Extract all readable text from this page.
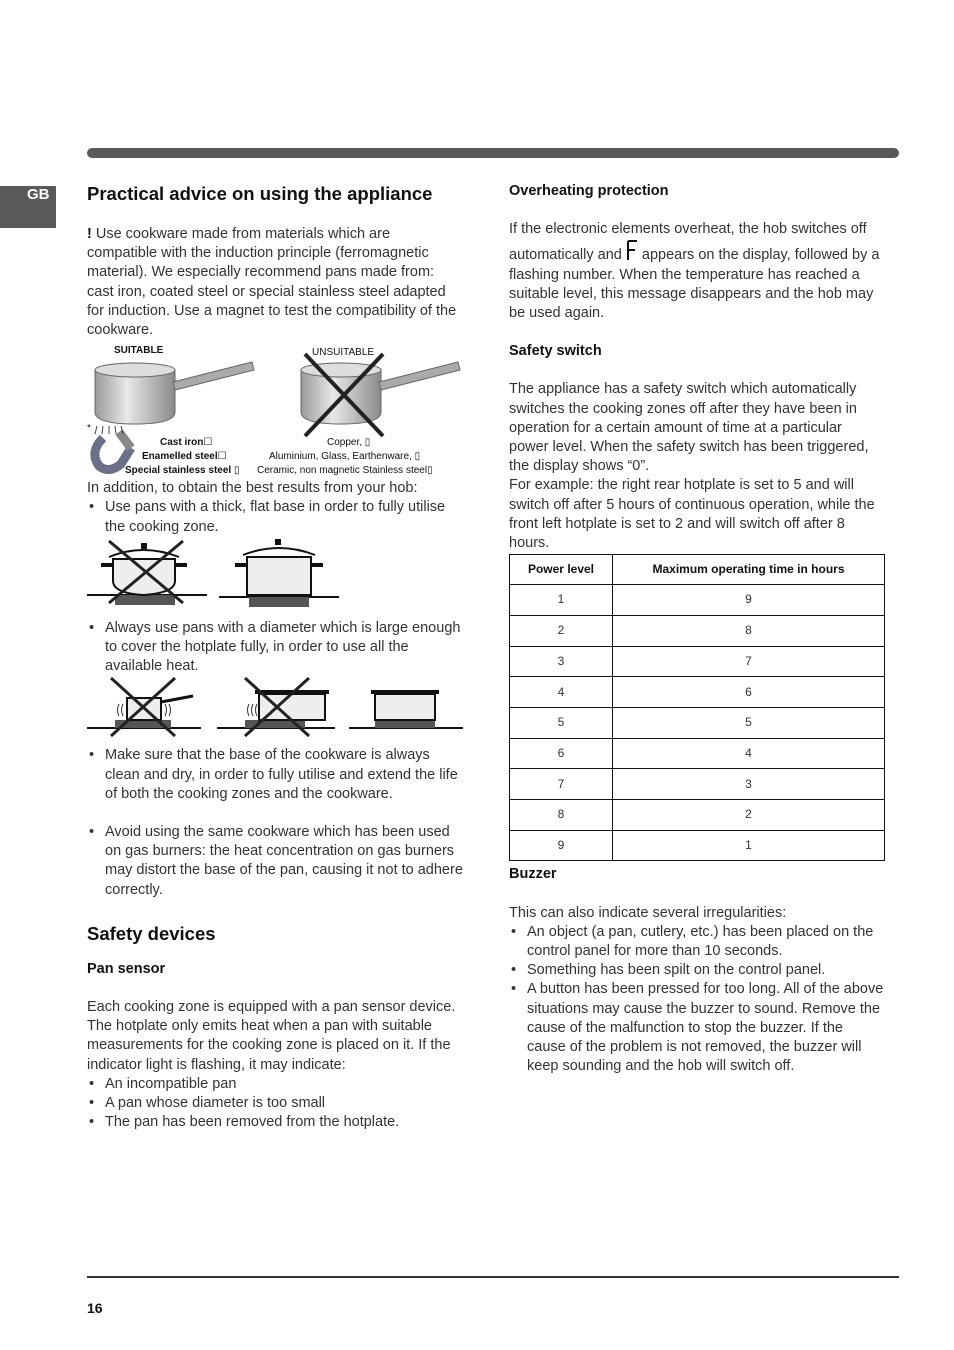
GB Practical advice on using the appliance

! Use cookware made from materials which are compatible with the induction principle (ferromagnetic material). We especially recommend pans made from: cast iron, coated steel or special stainless steel adapted for induction. Use a magnet to test the compatibility of the cookware.

SUITABLE	UNSUITABLE
*
Cast iron☐
Enamelled steel☐
Special stainless steel ▯
Copper, ▯
Aluminium, Glass, Earthenware, ▯
Ceramic, non magnetic Stainless steel▯

In addition, to obtain the best results from your hob:

• Use pans with a thick, flat base in order to fully utilise the cooking zone.
• Always use pans with a diameter which is large enough to cover the hotplate fully, in order to use all the available heat.
• Make sure that the base of the cookware is always clean and dry, in order to fully utilise and extend the life of both the cooking zones and the cookware.
• Avoid using the same cookware which has been used on gas burners: the heat concentration on gas burners may distort the base of the pan, causing it not to adhere correctly.
Safety devices
Pan sensor

Each cooking zone is equipped with a pan sensor device. The hotplate only emits heat when a pan with suitable measurements for the cooking zone is placed on it. If the indicator light is flashing, it may indicate:

• An incompatible pan
• A pan whose diameter is too small
• The pan has been removed from the hotplate.
Overheating protection

If the electronic elements overheat, the hob switches off automatically and  appears on the display, followed by a flashing number. When the temperature has reached a suitable level, this message disappears and the hob may be used again.

Safety switch

The appliance has a safety switch which automatically switches the cooking zones off after they have been in operation for a certain amount of time at a particular power level. When the safety switch has been triggered, the display shows “0”.

For example: the right rear hotplate is set to 5 and will switch off after 5 hours of continuous operation, while the front left hotplate is set to 2 and will switch off after 8 hours.

Power level	Maximum operating time in hours
1	9
2	8
3	7
4	6
5	5
6	4
7	3
8	2
9	1
Buzzer

This can also indicate several irregularities:

• An object (a pan, cutlery, etc.) has been placed on the control panel for more than 10 seconds.
• Something has been spilt on the control panel.
• A button has been pressed for too long. All of the above situations may cause the buzzer to sound. Remove the cause of the malfunction to stop the buzzer. If the cause of the problem is not removed, the buzzer will keep sounding and the hob will switch off.
16
